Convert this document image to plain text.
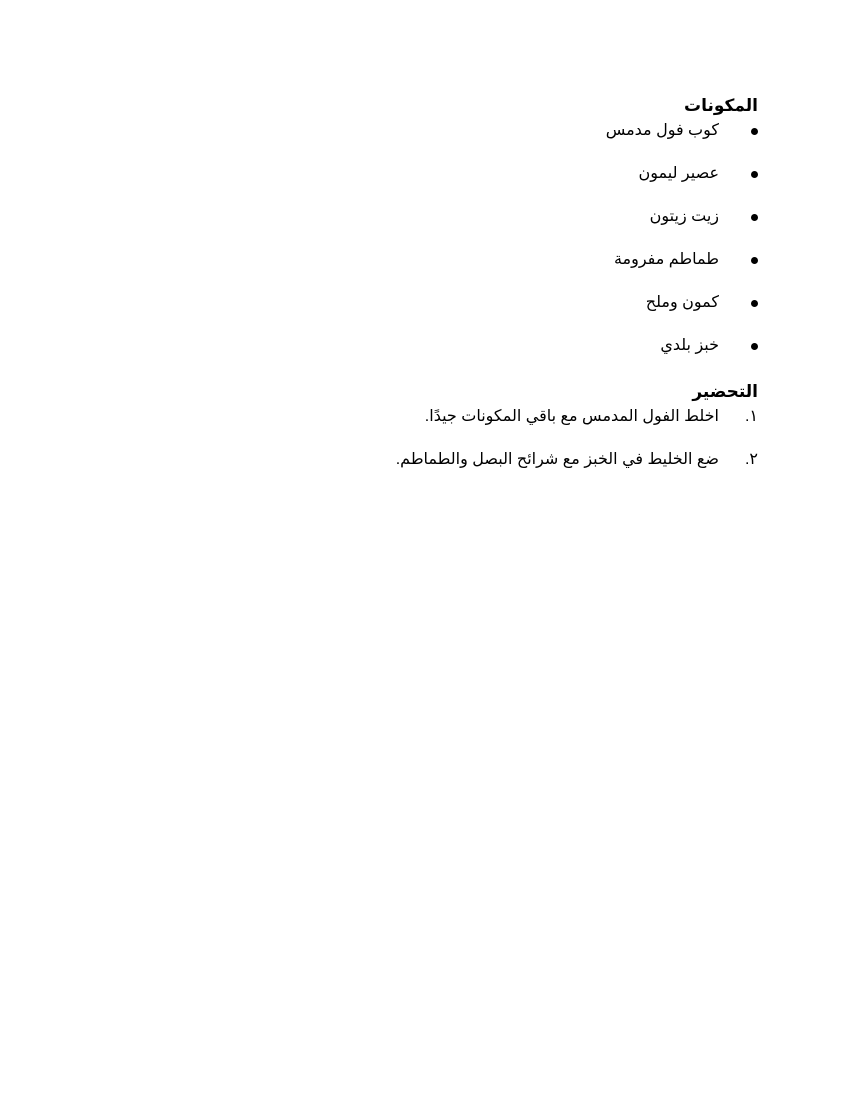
المكونات
كوب فول مدمس
عصير ليمون
زيت زيتون
طماطم مفرومة
كمون وملح
خبز بلدي
التحضير
١.
اخلط الفول المدمس مع باقي المكونات جيدًا.
٢.
ضع الخليط في الخبز مع شرائح البصل والطماطم.
